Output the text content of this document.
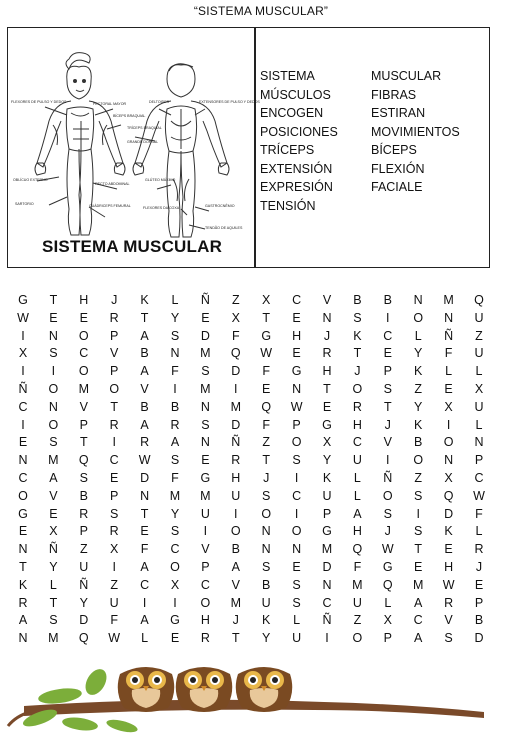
“SISTEMA MUSCULAR”
FLEXORES DE PULSO Y DEDOS	PECTORAL MAYOR
BÍCEPS BRAQUIAL
DELTOIDES	EXTENSORES DE PULSO Y DEDOS
TRÍCEPS BRAQUIAL
GRANDE DORSAL
OBLÍCUO EXTERNO
RECTO ABDOMINAL
GLÚTEO MÁXIMO
SARTORIO	CUÁDRICEPS FEMURAL	FLEXORES DA COXA	GASTROCNÊMIO
TENDÃO DE AQUILES
SISTEMA MUSCULAR
SISTEMA	MUSCULAR
MÚSCULOS	FIBRAS
ENCOGEN	ESTIRAN
POSICIONES	MOVIMIENTOS
TRÍCEPS	BÍCEPS
EXTENSIÓN	FLEXIÓN
EXPRESIÓN	FACIALE
TENSIÓN
G	T	H	J	K	L	Ñ	Z	X	C	V	B	B	N M Q
W	E	E	R	T	Y	E	X	T	E	N	S	I	O N U
I	N O	P	A	S	D	F	G H	J	K	C	L	Ñ	Z
X	S	C	V	B	N M Q W	E	R	T	E	Y	F	U
I	I	O	P	A	F	S	D	F	G H	J	P	K	L	L
Ñ O M O	V	I	M	I	E	N	T	O	S	Z	E	X
C N	V	T	B	B	N M Q W	E	R	T	Y	X	U
I	O	P	R	A	R	S	D	F	P	G H	J	K	I	L
E	S	T	I	R	A	N Ñ	Z	O	X	C	V	B	O N
N M Q C W	S	E	R	T	S	Y	U	I	O N	P
C	A	S	E	D	F	G H	J	I	K	L	Ñ	Z	X	C
O	V	B	P	N M M U	S	C U	L	O	S	Q W
G	E	R	S	T	Y	U	I	O	I	P	A	S	I	D	F
E	X	P	R	E	S	I	O N O G H	J	S	K	L
N Ñ	Z	X	F	C	V	B	N N M Q W	T	E	R
T	Y	U	I	A	O	P	A	S	E	D	F	G	E	H	J
K	L	Ñ	Z	C	X	C	V	B	S	N M Q M W	E
R	T	Y	U	I	I	O M U	S	C U	L	A	R	P
A	S	D	F	A	G H	J	K	L	Ñ	Z	X	C	V	B
N M Q W	L	E	R	T	Y	U	I	O	P	A	S	D
